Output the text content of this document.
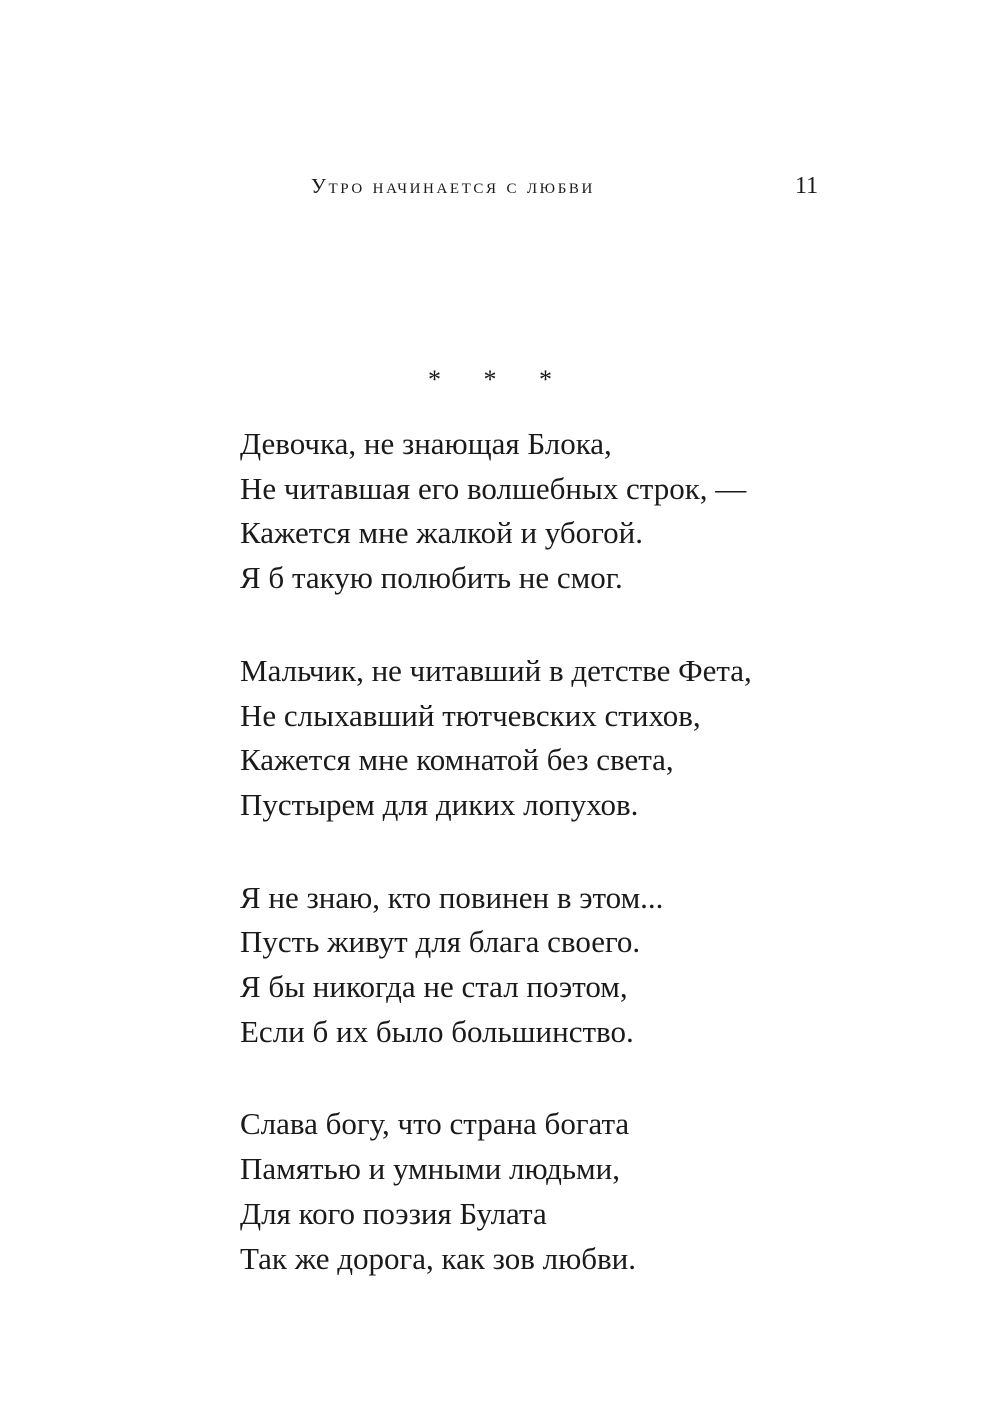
Утро начинается с любви	11
* * *
Девочка, не знающая Блока,
Не читавшая его волшебных строк, —
Кажется мне жалкой и убогой.
Я б такую полюбить не смог.
Мальчик, не читавший в детстве Фета,
Не слыхавший тютчевских стихов,
Кажется мне комнатой без света,
Пустырем для диких лопухов.
Я не знаю, кто повинен в этом...
Пусть живут для блага своего.
Я бы никогда не стал поэтом,
Если б их было большинство.
Слава богу, что страна богата
Памятью и умными людьми,
Для кого поэзия Булата
Так же дорога, как зов любви.
